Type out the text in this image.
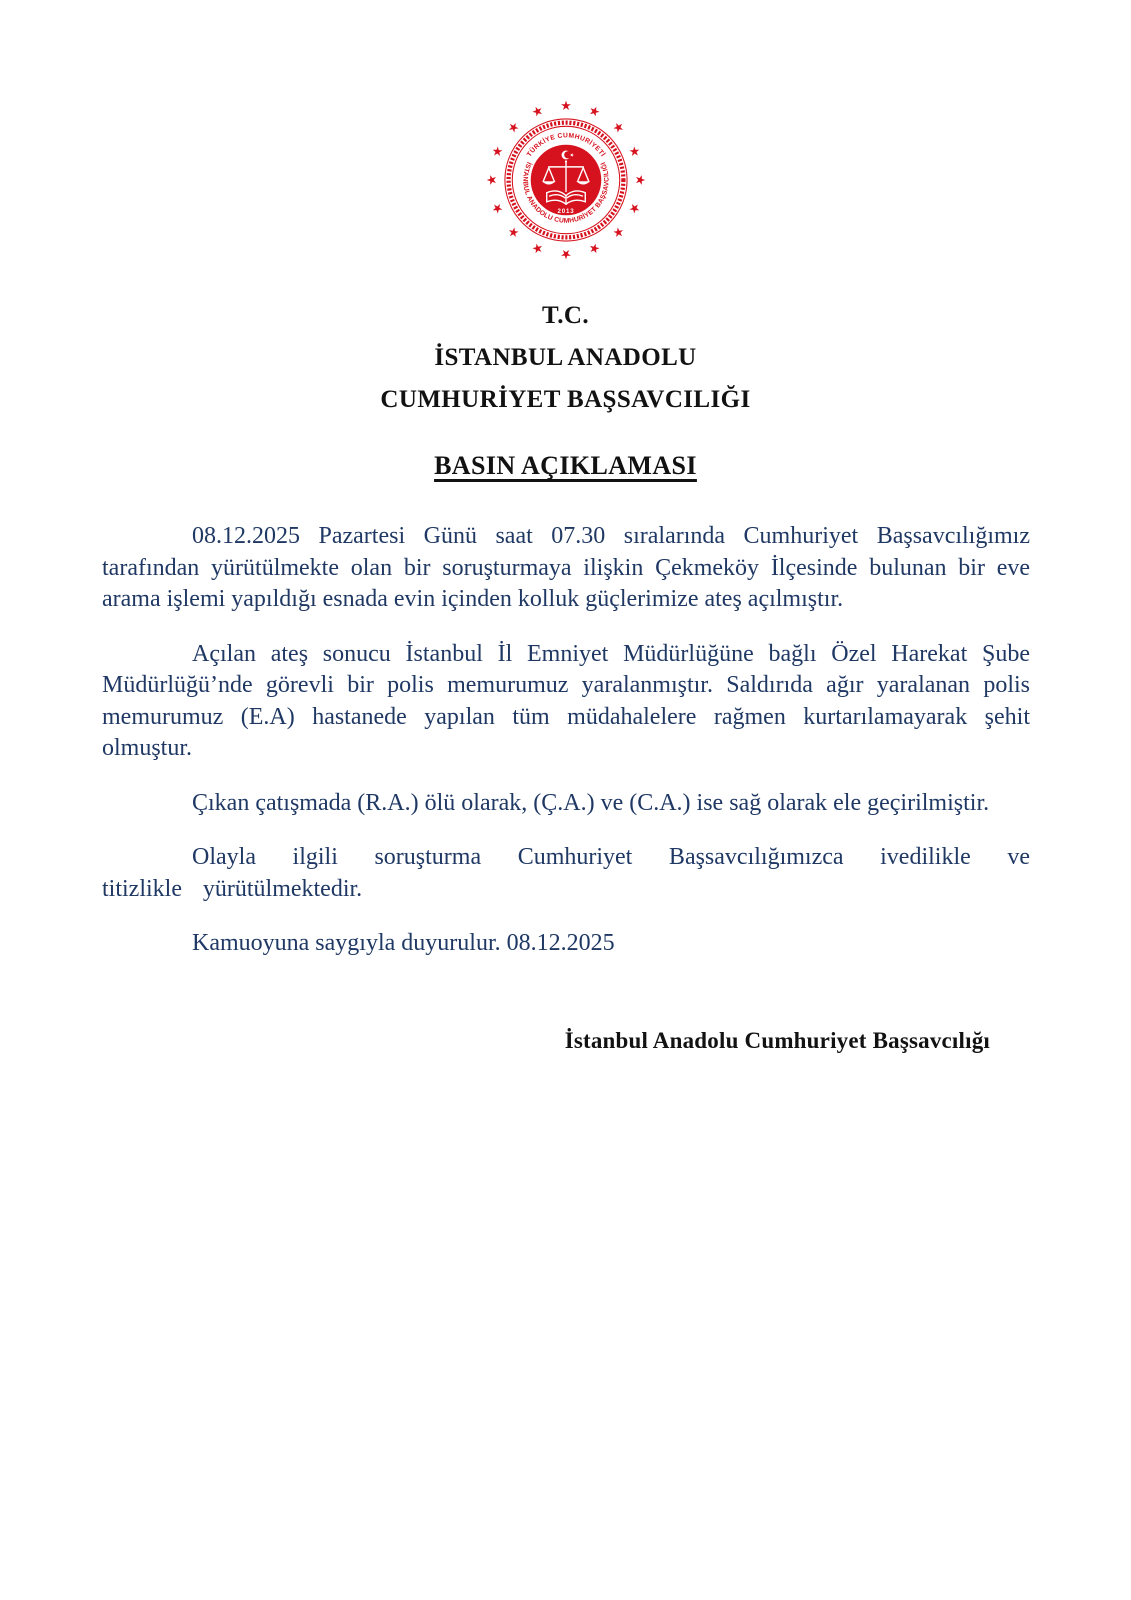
TÜRKİYE CUMHURİYETİ
İSTANBUL ANADOLU CUMHURİYET BAŞSAVCILIĞI
2013
T.C.
İSTANBUL ANADOLU
CUMHURİYET BAŞSAVCILIĞI
BASIN AÇIKLAMASI

08.12.2025 Pazartesi Günü saat 07.30 sıralarında Cumhuriyet Başsavcılığımız tarafından yürütülmekte olan bir soruşturmaya ilişkin Çekmeköy İlçesinde bulunan bir eve arama işlemi yapıldığı esnada evin içinden kolluk güçlerimize ateş açılmıştır.

Açılan ateş sonucu İstanbul İl Emniyet Müdürlüğüne bağlı Özel Harekat Şube Müdürlüğü’nde görevli bir polis memurumuz yaralanmıştır. Saldırıda ağır yaralanan polis memurumuz (E.A) hastanede yapılan tüm müdahalelere rağmen kurtarılamayarak şehit olmuştur.

Çıkan çatışmada (R.A.) ölü olarak, (Ç.A.) ve (C.A.) ise sağ olarak ele geçirilmiştir.

Olayla ilgili soruşturma Cumhuriyet Başsavcılığımızca ivedilikle ve titizlikle yürütülmektedir.

Kamuoyuna saygıyla duyurulur. 08.12.2025

İstanbul Anadolu Cumhuriyet Başsavcılığı
